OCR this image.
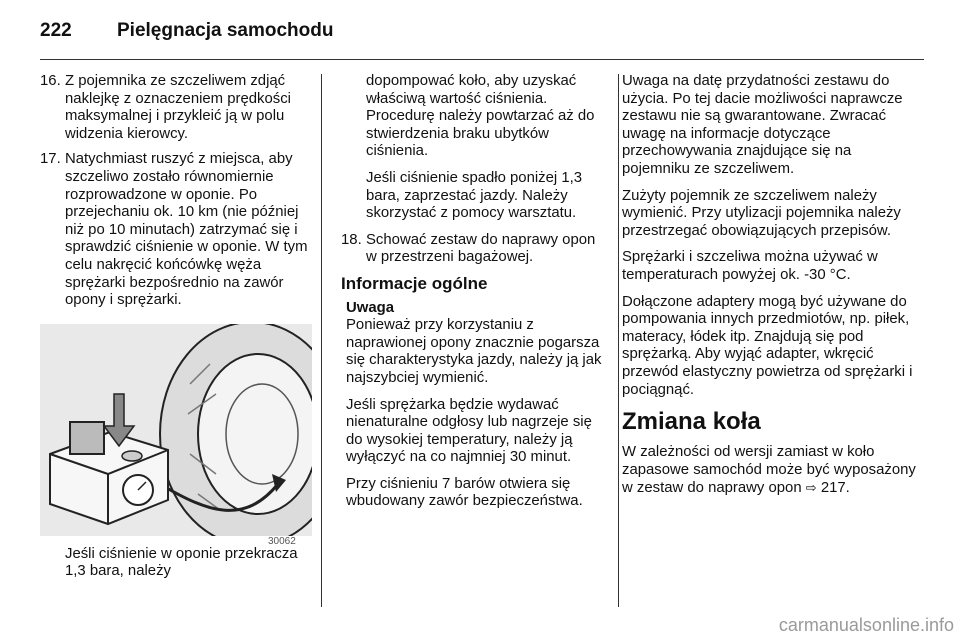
222 Pielęgnacja samochodu
16. Z pojemnika ze szczeliwem zdjąć naklejkę z oznaczeniem prędkości maksymalnej i przykleić ją w polu widzenia kierowcy.
17. Natychmiast ruszyć z miejsca, aby szczeliwo zostało równomiernie rozprowadzone w oponie. Po przejechaniu ok. 10 km (nie później niż po 10 minutach) zatrzymać się i sprawdzić ciśnienie w oponie. W tym celu nakręcić końcówkę węża sprężarki bezpośrednio na zawór opony i sprężarki.

Jeśli ciśnienie w oponie przekracza 1,3 bara, należy

30062

dopompować koło, aby uzyskać właściwą wartość ciśnienia. Procedurę należy powtarzać aż do stwierdzenia braku ubytków ciśnienia.

Jeśli ciśnienie spadło poniżej 1,3 bara, zaprzestać jazdy. Należy skorzystać z pomocy warsztatu.

18. Schować zestaw do naprawy opon w przestrzeni bagażowej.
Informacje ogólne
Uwaga

Ponieważ przy korzystaniu z naprawionej opony znacznie pogarsza się charakterystyka jazdy, należy ją jak najszybciej wymienić.

Jeśli sprężarka będzie wydawać nienaturalne odgłosy lub nagrzeje się do wysokiej temperatury, należy ją wyłączyć na co najmniej 30 minut.

Przy ciśnieniu 7 barów otwiera się wbudowany zawór bezpieczeństwa.

Uwaga na datę przydatności zestawu do użycia. Po tej dacie możliwości naprawcze zestawu nie są gwarantowane. Zwracać uwagę na informacje dotyczące przechowywania znajdujące się na pojemniku ze szczeliwem.

Zużyty pojemnik ze szczeliwem należy wymienić. Przy utylizacji pojemnika należy przestrzegać obowiązujących przepisów.

Sprężarki i szczeliwa można używać w temperaturach powyżej ok. -30 °C.

Dołączone adaptery mogą być używane do pompowania innych przedmiotów, np. piłek, materacy, łódek itp. Znajdują się pod sprężarką. Aby wyjąć adapter, wkręcić przewód elastyczny powietrza od sprężarki i pociągnąć.

Zmiana koła

W zależności od wersji zamiast w koło zapasowe samochód może być wyposażony w zestaw do naprawy opon ⇨ 217.

carmanualsonline.info
